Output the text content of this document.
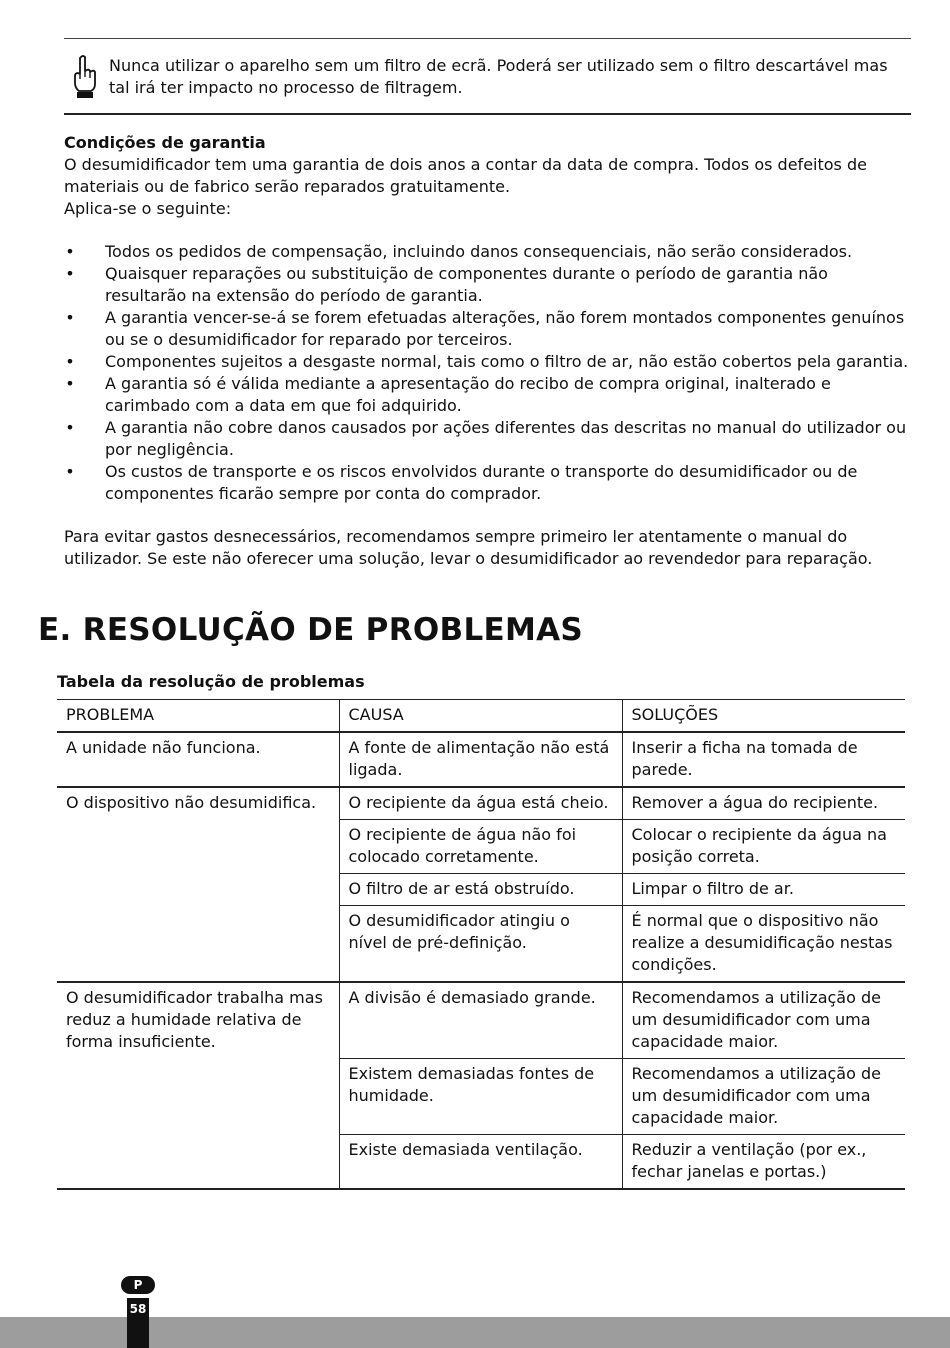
Nunca utilizar o aparelho sem um filtro de ecrã. Poderá ser utilizado sem o filtro descartável mas tal irá ter impacto no processo de filtragem.

Condições de garantia

O desumidificador tem uma garantia de dois anos a contar da data de compra. Todos os defeitos de materiais ou de fabrico serão reparados gratuitamente.

Aplica-se o seguinte:

• Todos os pedidos de compensação, incluindo danos consequenciais, não serão considerados.
• Quaisquer reparações ou substituição de componentes durante o período de garantia não resultarão na extensão do período de garantia.
• A garantia vencer-se-á se forem efetuadas alterações, não forem montados componentes genuínos ou se o desumidificador for reparado por terceiros.
• Componentes sujeitos a desgaste normal, tais como o filtro de ar, não estão cobertos pela garantia.
• A garantia só é válida mediante a apresentação do recibo de compra original, inalterado e carimbado com a data em que foi adquirido.
• A garantia não cobre danos causados por ações diferentes das descritas no manual do utilizador ou por negligência.
• Os custos de transporte e os riscos envolvidos durante o transporte do desumidificador ou de componentes ficarão sempre por conta do comprador.

Para evitar gastos desnecessários, recomendamos sempre primeiro ler atentamente o manual do utilizador. Se este não oferecer uma solução, levar o desumidificador ao revendedor para reparação.

E. RESOLUÇÃO DE PROBLEMAS
Tabela da resolução de problemas
PROBLEMA	CAUSA	SOLUÇÕES
A unidade não funciona.	A fonte de alimentação não está ligada.	Inserir a ficha na tomada de parede.
O dispositivo não desumidifica.	O recipiente da água está cheio.	Remover a água do recipiente.
	O recipiente de água não foi colocado corretamente.	Colocar o recipiente da água na posição correta.
	O filtro de ar está obstruído.	Limpar o filtro de ar.
	O desumidificador atingiu o nível de pré-definição.	É normal que o dispositivo não realize a desumidificação nestas condições.
O desumidificador trabalha mas reduz a humidade relativa de forma insuficiente.	A divisão é demasiado grande.	Recomendamos a utilização de um desumidificador com uma capacidade maior.
	Existem demasiadas fontes de humidade.	Recomendamos a utilização de um desumidificador com uma capacidade maior.
	Existe demasiada ventilação.	Reduzir a ventilação (por ex., fechar janelas e portas.)
P
58
